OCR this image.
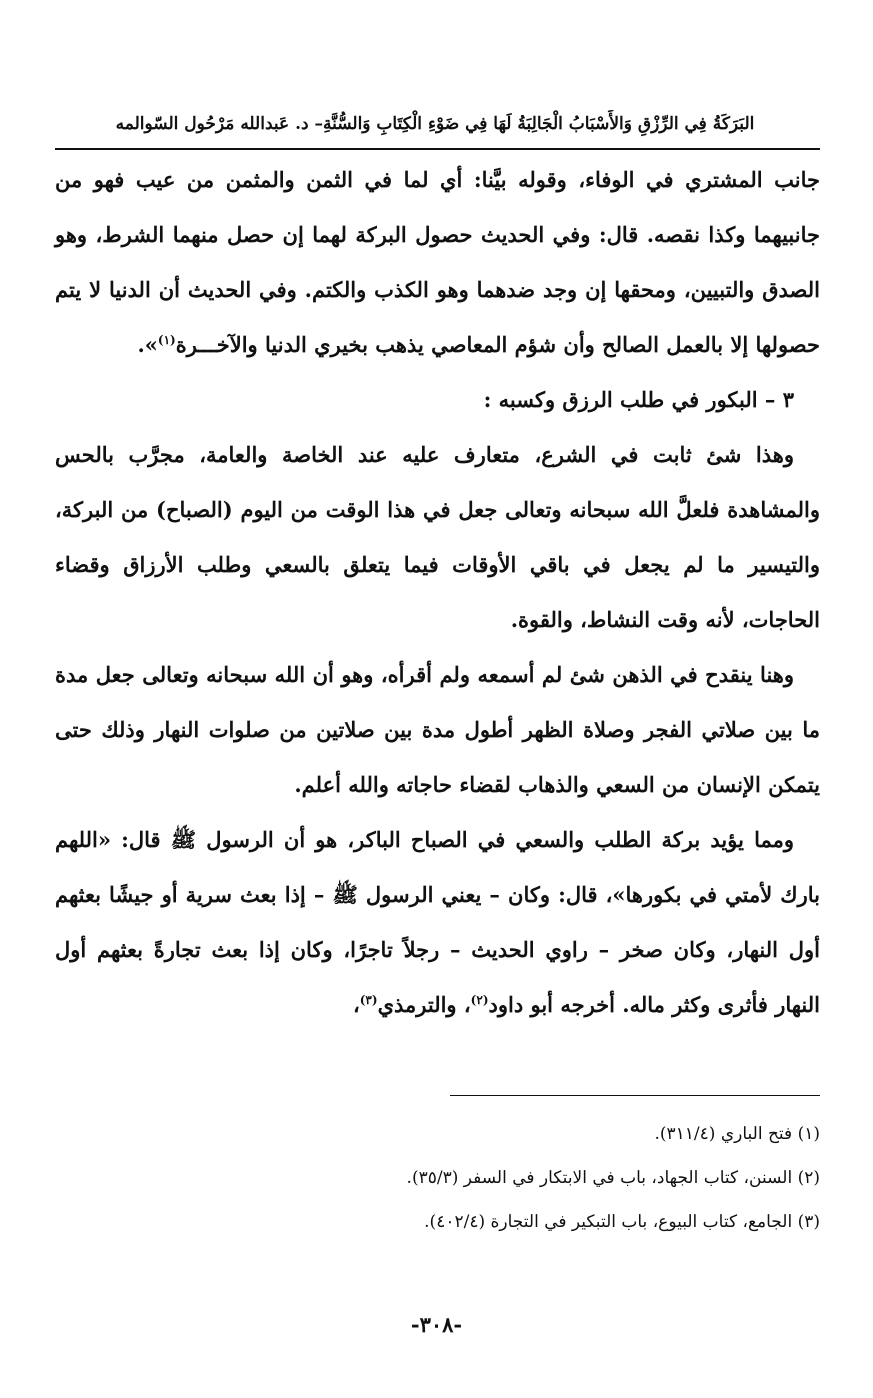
البَرَكَةُ فِي الرِّزْقِ وَالأَسْبَابُ الْجَالِبَةُ لَهَا فِي ضَوْءِ الْكِتَابِ وَالسُّنَّةِ– د. عَبدالله مَرْحُول السّوالمه

جانب المشتري في الوفاء، وقوله بيَّنا: أي لما في الثمن والمثمن من عيب فهو من جانبيهما وكذا نقصه. قال: وفي الحديث حصول البركة لهما إن حصل منهما الشرط، وهو الصدق والتبيين، ومحقها إن وجد ضدهما وهو الكذب والكتم. وفي الحديث أن الدنيا لا يتم حصولها إلا بالعمل الصالح وأن شؤم المعاصي يذهب بخيري الدنيا والآخـــرة$^{(١)}$».

٣ – البكور في طلب الرزق وكسبه :

وهذا شئ ثابت في الشرع، متعارف عليه عند الخاصة والعامة، مجرَّب بالحس والمشاهدة فلعلَّ الله سبحانه وتعالى جعل في هذا الوقت من اليوم (الصباح) من البركة، والتيسير ما لم يجعل في باقي الأوقات فيما يتعلق بالسعي وطلب الأرزاق وقضاء الحاجات، لأنه وقت النشاط، والقوة.

وهنا ينقدح في الذهن شئ لم أسمعه ولم أقرأه، وهو أن الله سبحانه وتعالى جعل مدة ما بين صلاتي الفجر وصلاة الظهر أطول مدة بين صلاتين من صلوات النهار وذلك حتى يتمكن الإنسان من السعي والذهاب لقضاء حاجاته والله أعلم.

ومما يؤيد بركة الطلب والسعي في الصباح الباكر، هو أن الرسول ﷺ قال: «اللهم بارك لأمتي في بكورها»، قال: وكان – يعني الرسول ﷺ – إذا بعث سرية أو جيشًا بعثهم أول النهار، وكان صخر – راوي الحديث – رجلاً تاجرًا، وكان إذا بعث تجارةً بعثهم أول النهار فأثرى وكثر ماله. أخرجه أبو داود$^{(٢)}$، والترمذي$^{(٣)}$،

(١) فتح الباري (٣١١/٤).

(٢) السنن، كتاب الجهاد، باب في الابتكار في السفر (٣٥/٣).

(٣) الجامع، كتاب البيوع، باب التبكير في التجارة (٤٠٢/٤).

-٣٠٨-
